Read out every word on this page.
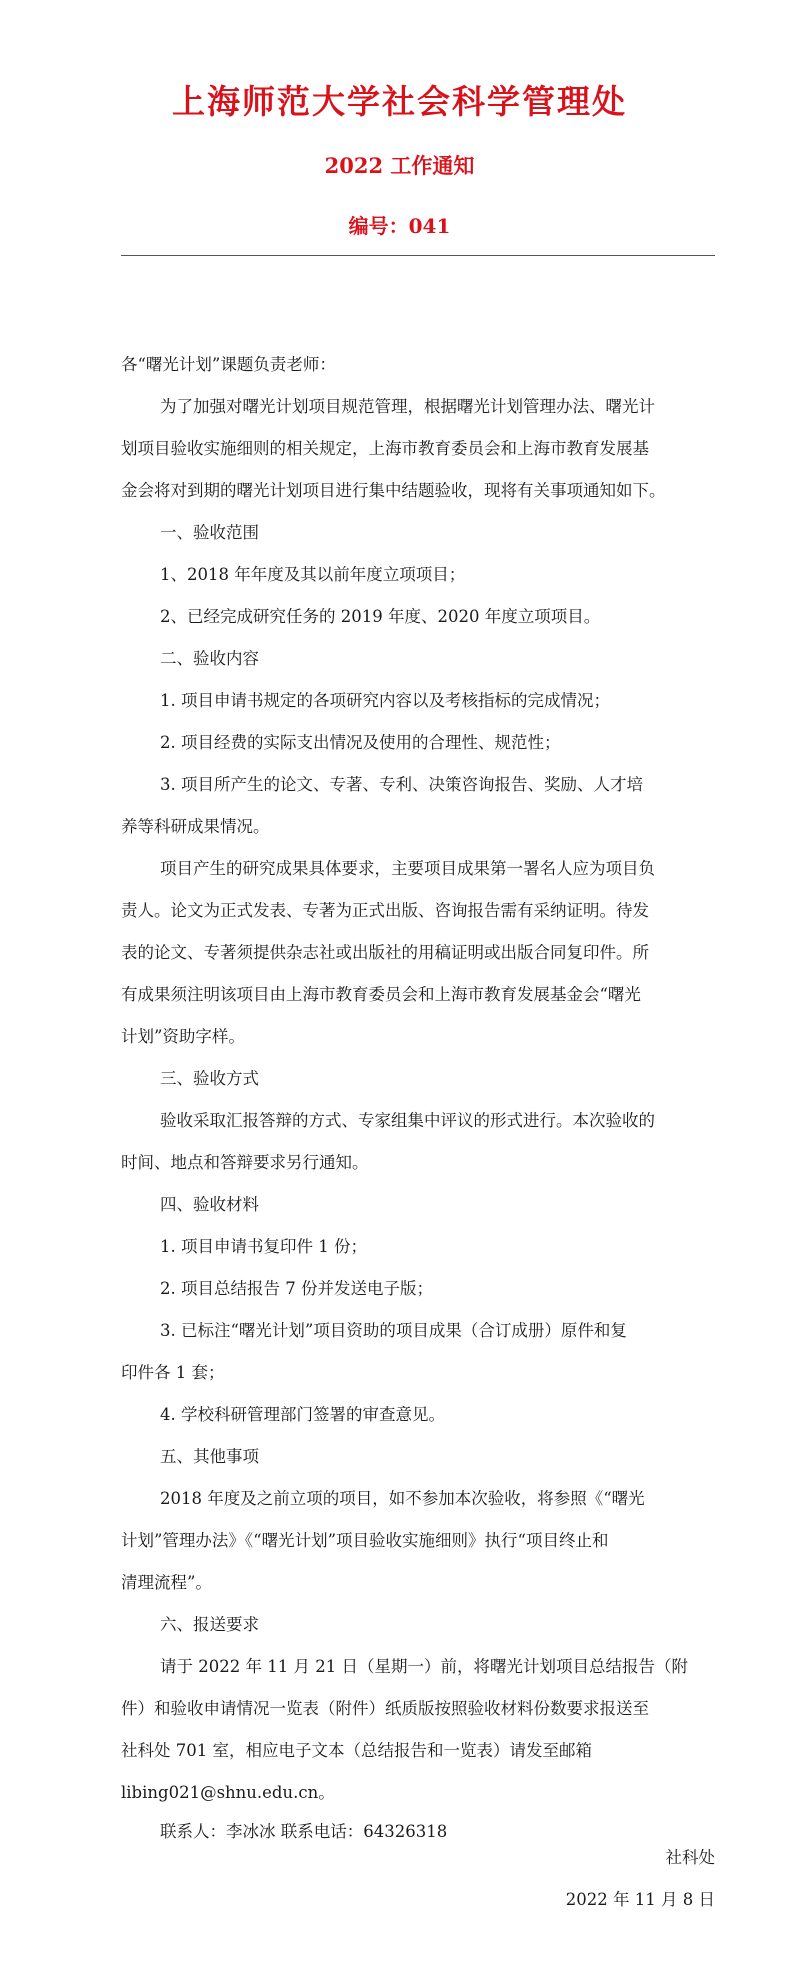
上海师范大学社会科学管理处
2022 工作通知
编号：041
各“曙光计划”课题负责老师：
为了加强对曙光计划项目规范管理，根据曙光计划管理办法、曙光计
划项目验收实施细则的相关规定，上海市教育委员会和上海市教育发展基
金会将对到期的曙光计划项目进行集中结题验收，现将有关事项通知如下。
一、验收范围
1、2018 年年度及其以前年度立项项目；
2、已经完成研究任务的 2019 年度、2020 年度立项项目。
二、验收内容
1. 项目申请书规定的各项研究内容以及考核指标的完成情况；
2. 项目经费的实际支出情况及使用的合理性、规范性；
3. 项目所产生的论文、专著、专利、决策咨询报告、奖励、人才培
养等科研成果情况。
项目产生的研究成果具体要求，主要项目成果第一署名人应为项目负
责人。论文为正式发表、专著为正式出版、咨询报告需有采纳证明。待发
表的论文、专著须提供杂志社或出版社的用稿证明或出版合同复印件。所
有成果须注明该项目由上海市教育委员会和上海市教育发展基金会“曙光
计划”资助字样。
三、验收方式
验收采取汇报答辩的方式、专家组集中评议的形式进行。本次验收的
时间、地点和答辩要求另行通知。
四、验收材料
1. 项目申请书复印件 1 份；
2. 项目总结报告 7 份并发送电子版；
3. 已标注“曙光计划”项目资助的项目成果（合订成册）原件和复
印件各 1 套；
4. 学校科研管理部门签署的审查意见。
五、其他事项
2018 年度及之前立项的项目，如不参加本次验收，将参照《“曙光
计划”管理办法》《“曙光计划”项目验收实施细则》执行“项目终止和
清理流程”。
六、报送要求
请于 2022 年 11 月 21 日（星期一）前，将曙光计划项目总结报告（附
件）和验收申请情况一览表（附件）纸质版按照验收材料份数要求报送至
社科处 701 室，相应电子文本（总结报告和一览表）请发至邮箱
libing021@shnu.edu.cn。
联系人：李冰冰 联系电话：64326318
社科处
2022 年 11 月 8 日
